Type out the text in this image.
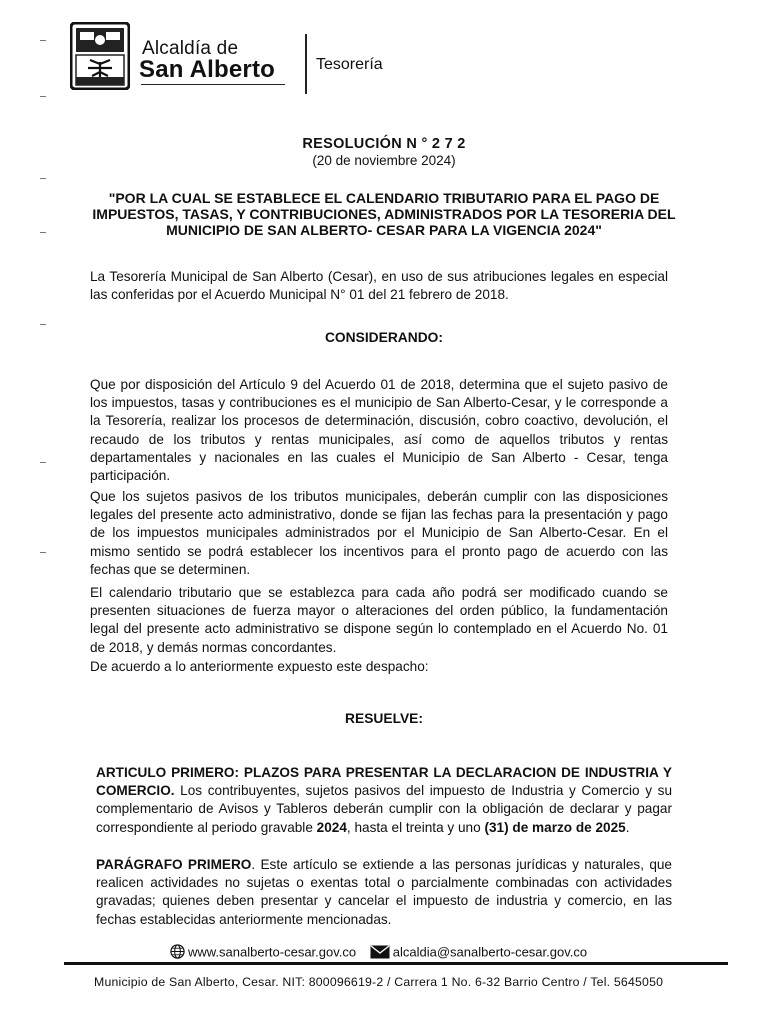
Alcaldía de
San Alberto	Tesorería
RESOLUCIÓN N ° 2 7 2
(20 de noviembre 2024)
"POR LA CUAL SE ESTABLECE EL CALENDARIO TRIBUTARIO PARA EL PAGO DE IMPUESTOS, TASAS, Y CONTRIBUCIONES, ADMINISTRADOS POR LA TESORERIA DEL MUNICIPIO DE SAN ALBERTO- CESAR PARA LA VIGENCIA 2024"
La Tesorería Municipal de San Alberto (Cesar), en uso de sus atribuciones legales en especial las conferidas por el Acuerdo Municipal N° 01 del 21 febrero de 2018.
CONSIDERANDO:
Que por disposición del Artículo 9 del Acuerdo 01 de 2018, determina que el sujeto pasivo de los impuestos, tasas y contribuciones es el municipio de San Alberto-Cesar, y le corresponde a la Tesorería, realizar los procesos de determinación, discusión, cobro coactivo, devolución, el recaudo de los tributos y rentas municipales, así como de aquellos tributos y rentas departamentales y nacionales en las cuales el Municipio de San Alberto - Cesar, tenga participación.
Que los sujetos pasivos de los tributos municipales, deberán cumplir con las disposiciones legales del presente acto administrativo, donde se fijan las fechas para la presentación y pago de los impuestos municipales administrados por el Municipio de San Alberto-Cesar. En el mismo sentido se podrá establecer los incentivos para el pronto pago de acuerdo con las fechas que se determinen.
El calendario tributario que se establezca para cada año podrá ser modificado cuando se presenten situaciones de fuerza mayor o alteraciones del orden público, la fundamentación legal del presente acto administrativo se dispone según lo contemplado en el Acuerdo No. 01 de 2018, y demás normas concordantes.
De acuerdo a lo anteriormente expuesto este despacho:
RESUELVE:
ARTICULO PRIMERO: PLAZOS PARA PRESENTAR LA DECLARACION DE INDUSTRIA Y COMERCIO. Los contribuyentes, sujetos pasivos del impuesto de Industria y Comercio y su complementario de Avisos y Tableros deberán cumplir con la obligación de declarar y pagar correspondiente al periodo gravable 2024, hasta el treinta y uno (31) de marzo de 2025.
PARÁGRAFO PRIMERO. Este artículo se extiende a las personas jurídicas y naturales, que realicen actividades no sujetas o exentas total o parcialmente combinadas con actividades gravadas; quienes deben presentar y cancelar el impuesto de industria y comercio, en las fechas establecidas anteriormente mencionadas.
www.sanalberto-cesar.gov.co	alcaldia@sanalberto-cesar.gov.co
Municipio de San Alberto, Cesar. NIT: 800096619-2 / Carrera 1 No. 6-32 Barrio Centro / Tel. 5645050
